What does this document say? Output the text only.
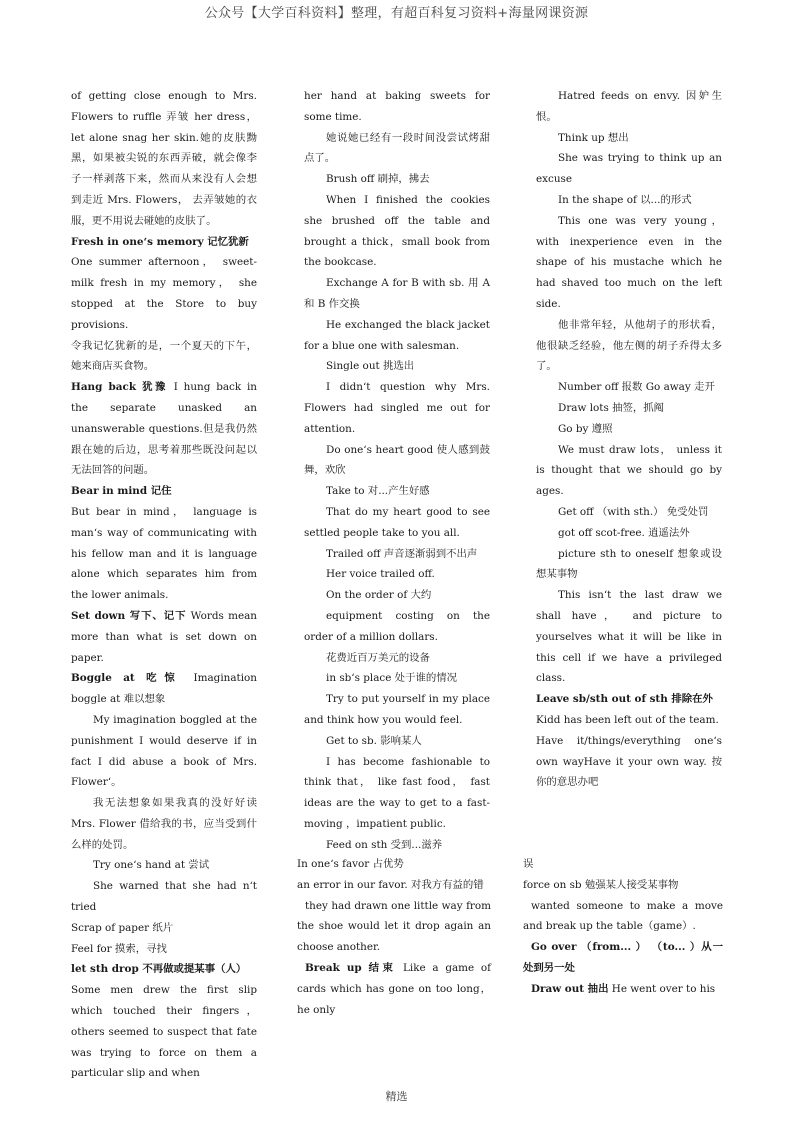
公众号【大学百科资料】整理，有超百科复习资料+海量网课资源

of getting close enough to Mrs. Flowers to ruffle 弄皱 her dress， let alone snag her skin.她的皮肤黝黑，如果被尖锐的东西弄破，就会像李子一样剥落下来，然而从来没有人会想到走近 Mrs. Flowers， 去弄皱她的衣服，更不用说去碰她的皮肤了。

Fresh in one‘s memory 记忆犹新

One summer afternoon， sweet-milk fresh in my memory， she stopped at the Store to buy provisions.

令我记忆犹新的是，一个夏天的下午，她来商店买食物。

Hang back 犹豫 I hung back in the separate unasked an unanswerable questions.但是我仍然跟在她的后边，思考着那些既没问起以无法回答的问题。

Bear in mind 记住

But bear in mind， language is man‘s way of communicating with his fellow man and it is language alone which separates him from the lower animals.

Set down 写下、记下 Words mean more than what is set down on paper.

Boggle at 吃惊 Imagination boggle at 难以想象

My imagination boggled at the punishment I would deserve if in fact I did abuse a book of Mrs. Flower‘。

我无法想象如果我真的没好好读 Mrs. Flower 借给我的书，应当受到什么样的处罚。

Try one‘s hand at 尝试

She warned that she had n‘t tried

Scrap of paper 纸片

Feel for 摸索，寻找

let sth drop 不再做或提某事（人）

Some men drew the first slip which touched their fingers， others seemed to suspect that fate was trying to force on them a particular slip and when

her hand at baking sweets for some time.

她说她已经有一段时间没尝试烤甜点了。

Brush off 刷掉，拂去

When I finished the cookies she brushed off the table and brought a thick，small book from the bookcase.

Exchange A for B with sb. 用 A 和 B 作交换

He exchanged the black jacket for a blue one with salesman.

Single out 挑选出

I didn‘t question why Mrs. Flowers had singled me out for attention.

Do one‘s heart good 使人感到鼓舞，欢欣

Take to 对...产生好感

That do my heart good to see settled people take to you all.

Trailed off 声音逐渐弱到不出声

Her voice trailed off.

On the order of 大约

equipment costing on the order of a million dollars.

花费近百万美元的设备

in sb‘s place 处于谁的情况

Try to put yourself in my place and think how you would feel.

Get to sb. 影响某人

I has become fashionable to think that， like fast food， fast ideas are the way to get to a fast-moving ，impatient public.

Feed on sth 受到...滋养

In one‘s favor 占优势

an error in our favor. 对我方有益的错

they had drawn one little way from the shoe would let it drop again an choose another.

Break up 结束 Like a game of cards which has gone on too long， he only

Hatred feeds on envy. 因妒生恨。

Think up 想出

She was trying to think up an excuse

In the shape of 以...的形式

This one was very young， with inexperience even in the shape of his mustache which he had shaved too much on the left side.

他非常年轻，从他胡子的形状看，他很缺乏经验，他左侧的胡子乔得太多了。

Number off 报数 Go away 走开

Draw lots 抽签，抓阄

Go by 遵照

We must draw lots， unless it is thought that we should go by ages.

Get off （with sth.） 免受处罚

got off scot-free. 逍遥法外

picture sth to oneself 想象或设想某事物

This isn‘t the last draw we shall have， and picture to yourselves what it will be like in this cell if we have a privileged class.

Leave sb/sth out of sth 排除在外

Kidd has been left out of the team.

Have it/things/everything one‘s own wayHave it your own way. 按你的意思办吧

误

force on sb 勉强某人接受某事物

wanted someone to make a move and break up the table（game）.

Go over （from... ） （to... ）从一处到另一处

Draw out 抽出 He went over to his

精选
